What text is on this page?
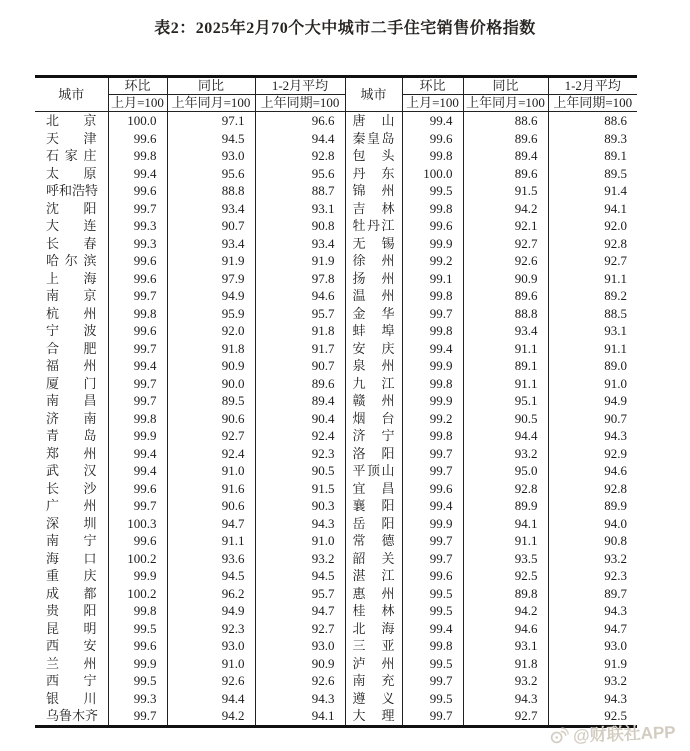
表2：2025年2月70个大中城市二手住宅销售价格指数
城市	环比	同比	1-2月平均	城市	环比	同比	1-2月平均
	上月=100	上年同月=100	上年同期=100		上月=100	上年同月=100	上年同期=100
北京	100.0	97.1	96.6	唐山	99.4	88.6	88.6
天津	99.6	94.5	94.4	秦皇岛	99.6	89.6	89.3
石家庄	99.8	93.0	92.8	包头	99.8	89.4	89.1
太原	99.4	95.6	95.6	丹东	100.0	89.6	89.5
呼和浩特	99.6	88.8	88.7	锦州	99.5	91.5	91.4
沈阳	99.7	93.4	93.1	吉林	99.8	94.2	94.1
大连	99.3	90.7	90.8	牡丹江	99.6	92.1	92.0
长春	99.3	93.4	93.4	无锡	99.9	92.7	92.8
哈尔滨	99.6	91.9	91.9	徐州	99.2	92.6	92.7
上海	99.6	97.9	97.8	扬州	99.1	90.9	91.1
南京	99.7	94.9	94.6	温州	99.8	89.6	89.2
杭州	99.8	95.9	95.7	金华	99.7	88.8	88.5
宁波	99.6	92.0	91.8	蚌埠	99.8	93.4	93.1
合肥	99.7	91.8	91.7	安庆	99.4	91.1	91.1
福州	99.4	90.9	90.7	泉州	99.9	89.1	89.0
厦门	99.7	90.0	89.6	九江	99.8	91.1	91.0
南昌	99.7	89.5	89.4	赣州	99.9	95.1	94.9
济南	99.8	90.6	90.4	烟台	99.2	90.5	90.7
青岛	99.9	92.7	92.4	济宁	99.8	94.4	94.3
郑州	99.4	92.4	92.3	洛阳	99.7	93.2	92.9
武汉	99.4	91.0	90.5	平顶山	99.7	95.0	94.6
长沙	99.6	91.6	91.5	宜昌	99.6	92.8	92.8
广州	99.7	90.6	90.3	襄阳	99.4	89.9	89.9
深圳	100.3	94.7	94.3	岳阳	99.9	94.1	94.0
南宁	99.6	91.1	91.0	常德	99.7	91.1	90.8
海口	100.2	93.6	93.2	韶关	99.7	93.5	93.2
重庆	99.9	94.5	94.5	湛江	99.6	92.5	92.3
成都	100.2	96.2	95.7	惠州	99.5	89.8	89.7
贵阳	99.8	94.9	94.7	桂林	99.5	94.2	94.3
昆明	99.5	92.3	92.7	北海	99.4	94.6	94.7
西安	99.6	93.0	93.0	三亚	99.8	93.1	93.0
兰州	99.9	91.0	90.9	泸州	99.5	91.8	91.9
西宁	99.5	92.6	92.6	南充	99.7	93.2	93.2
银川	99.3	94.4	94.3	遵义	99.5	94.3	94.3
乌鲁木齐	99.7	94.2	94.1	大理	99.7	92.7	92.5
@财联社APP
